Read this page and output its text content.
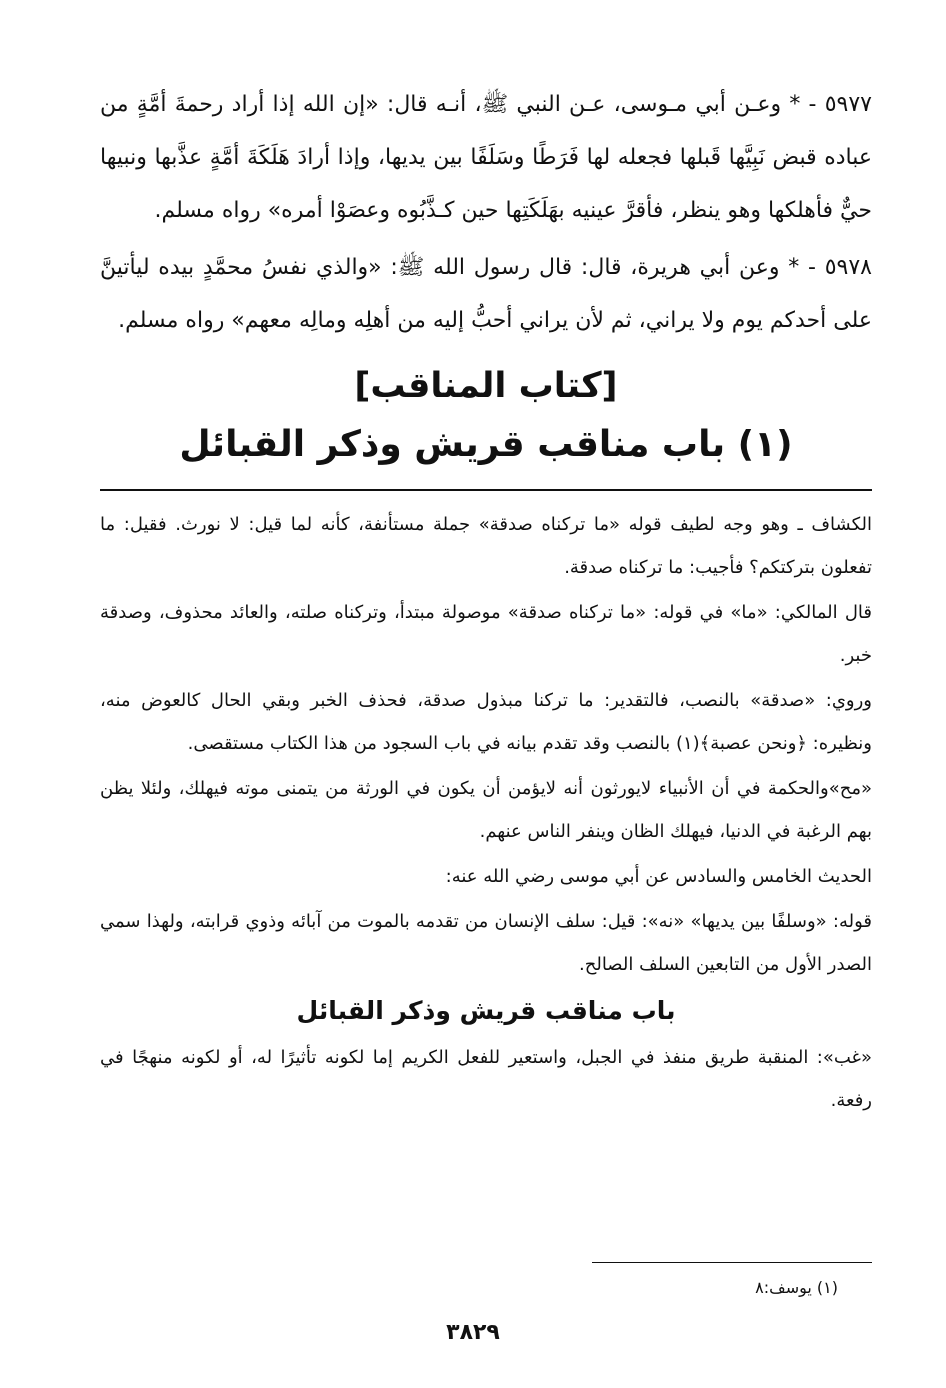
٥٩٧٧ - * وعـن أبي مـوسى، عـن النبي ﷺ، أنـه قال: «إن الله إذا أراد رحمةَ أمَّةٍ من عباده قبض نَبِيَّها قَبلها فجعله لها فَرَطًا وسَلَفًا بين يديها، وإذا أرادَ هَلَكَةَ أمَّةٍ عذَّبها ونبيها حيٌّ فأهلكها وهو ينظر، فأقرَّ عينيه بهَلَكَتِها حين كـذَّبُوه وعصَوْا أمره» رواه مسلم.

٥٩٧٨ - * وعن أبي هريرة، قال: قال رسول الله ﷺ: «والذي نفسُ محمَّدٍ بيده ليأتينَّ على أحدكم يوم ولا يراني، ثم لأن يراني أحبُّ إليه من أهلِه ومالِه معهم» رواه مسلم.

[كتاب المناقب]
(١) باب مناقب قريش وذكر القبائل

الكشاف ـ وهو وجه لطيف قوله «ما تركناه صدقة» جملة مستأنفة، كأنه لما قيل: لا نورث. فقيل: ما تفعلون بتركتكم؟ فأجيب: ما تركناه صدقة.

قال المالكي: «ما» في قوله: «ما تركناه صدقة» موصولة مبتدأ، وتركناه صلته، والعائد محذوف، وصدقة خبر.

وروي: «صدقة» بالنصب، فالتقدير: ما تركنا مبذول صدقة، فحذف الخبر وبقي الحال كالعوض منه، ونظيره: ﴿ونحن عصبة﴾(١) بالنصب وقد تقدم بيانه في باب السجود من هذا الكتاب مستقصى.

«مح»والحكمة في أن الأنبياء لايورثون أنه لايؤمن أن يكون في الورثة من يتمنى موته فيهلك، ولئلا يظن بهم الرغبة في الدنيا، فيهلك الظان وينفر الناس عنهم.

الحديث الخامس والسادس عن أبي موسى رضي الله عنه:

قوله: «وسلفًا بين يديها» «نه»: قيل: سلف الإنسان من تقدمه بالموت من آبائه وذوي قرابته، ولهذا سمي الصدر الأول من التابعين السلف الصالح.

باب مناقب قريش وذكر القبائل

«غب»: المنقبة طريق منفذ في الجبل، واستعير للفعل الكريم إما لكونه تأثيرًا له، أو لكونه منهجًا في رفعة.

(١) يوسف:٨
٣٨٢٩
